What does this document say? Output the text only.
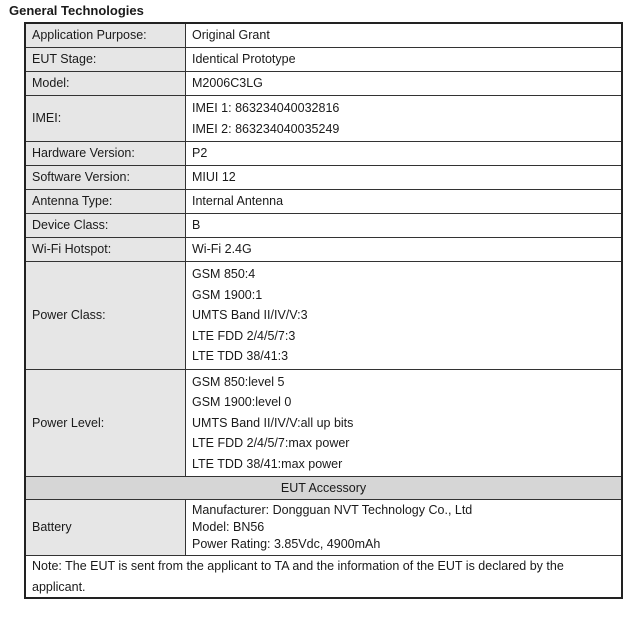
General Technologies
Application Purpose:	Original Grant
EUT Stage:	Identical Prototype
Model:	M2006C3LG
IMEI:	IMEI 1: 863234040032816
IMEI 2: 863234040035249

Hardware Version:	P2
Software Version:	MIUI 12
Antenna Type:	Internal Antenna
Device Class:	B
Wi-Fi Hotspot:	Wi-Fi 2.4G
Power Class:	GSM 850:4
GSM 1900:1
UMTS Band II/IV/V:3
LTE FDD 2/4/5/7:3
LTE TDD 38/41:3

Power Level:	GSM 850:level 5
GSM 1900:level 0
UMTS Band II/IV/V:all up bits
LTE FDD 2/4/5/7:max power
LTE TDD 38/41:max power

EUT Accessory	
Battery	Manufacturer: Dongguan NVT Technology Co., Ltd
Model: BN56
Power Rating: 3.85Vdc, 4900mAh

Note: The EUT is sent from the applicant to TA and the information of the EUT is declared by the applicant.	
